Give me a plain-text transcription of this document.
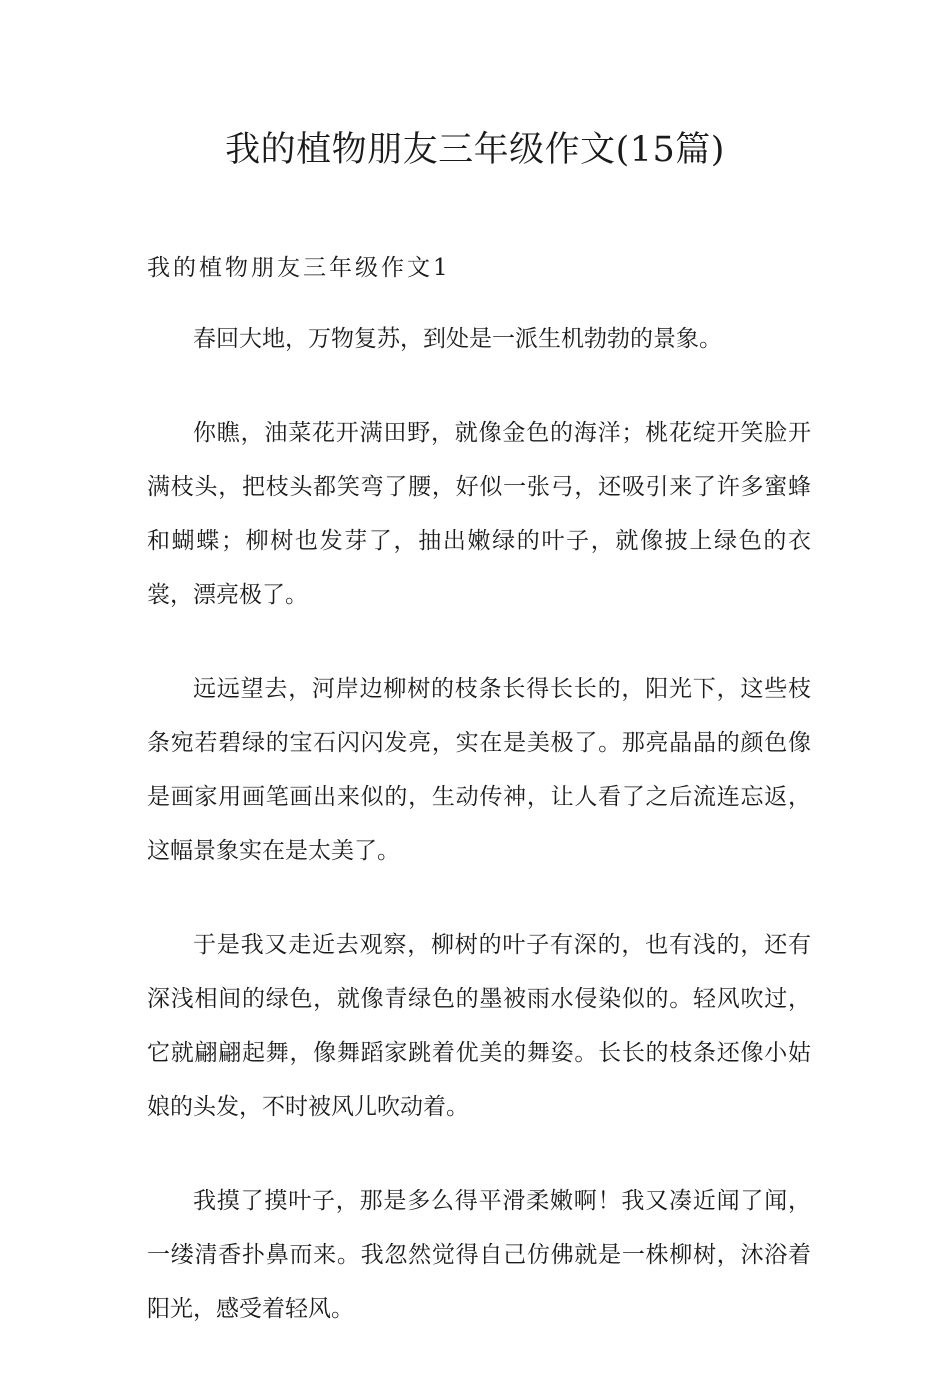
我的植物朋友三年级作文(15篇)
我的植物朋友三年级作文1

春回大地，万物复苏，到处是一派生机勃勃的景象。

你瞧，油菜花开满田野，就像金色的海洋；桃花绽开笑脸开满枝头，把枝头都笑弯了腰，好似一张弓，还吸引来了许多蜜蜂和蝴蝶；柳树也发芽了，抽出嫩绿的叶子，就像披上绿色的衣裳，漂亮极了。

远远望去，河岸边柳树的枝条长得长长的，阳光下，这些枝条宛若碧绿的宝石闪闪发亮，实在是美极了。那亮晶晶的颜色像是画家用画笔画出来似的，生动传神，让人看了之后流连忘返，这幅景象实在是太美了。

于是我又走近去观察，柳树的叶子有深的，也有浅的，还有深浅相间的绿色，就像青绿色的墨被雨水侵染似的。轻风吹过，它就翩翩起舞，像舞蹈家跳着优美的舞姿。长长的枝条还像小姑娘的头发，不时被风儿吹动着。

我摸了摸叶子，那是多么得平滑柔嫩啊！我又凑近闻了闻，一缕清香扑鼻而来。我忽然觉得自己仿佛就是一株柳树，沐浴着阳光，感受着轻风。
